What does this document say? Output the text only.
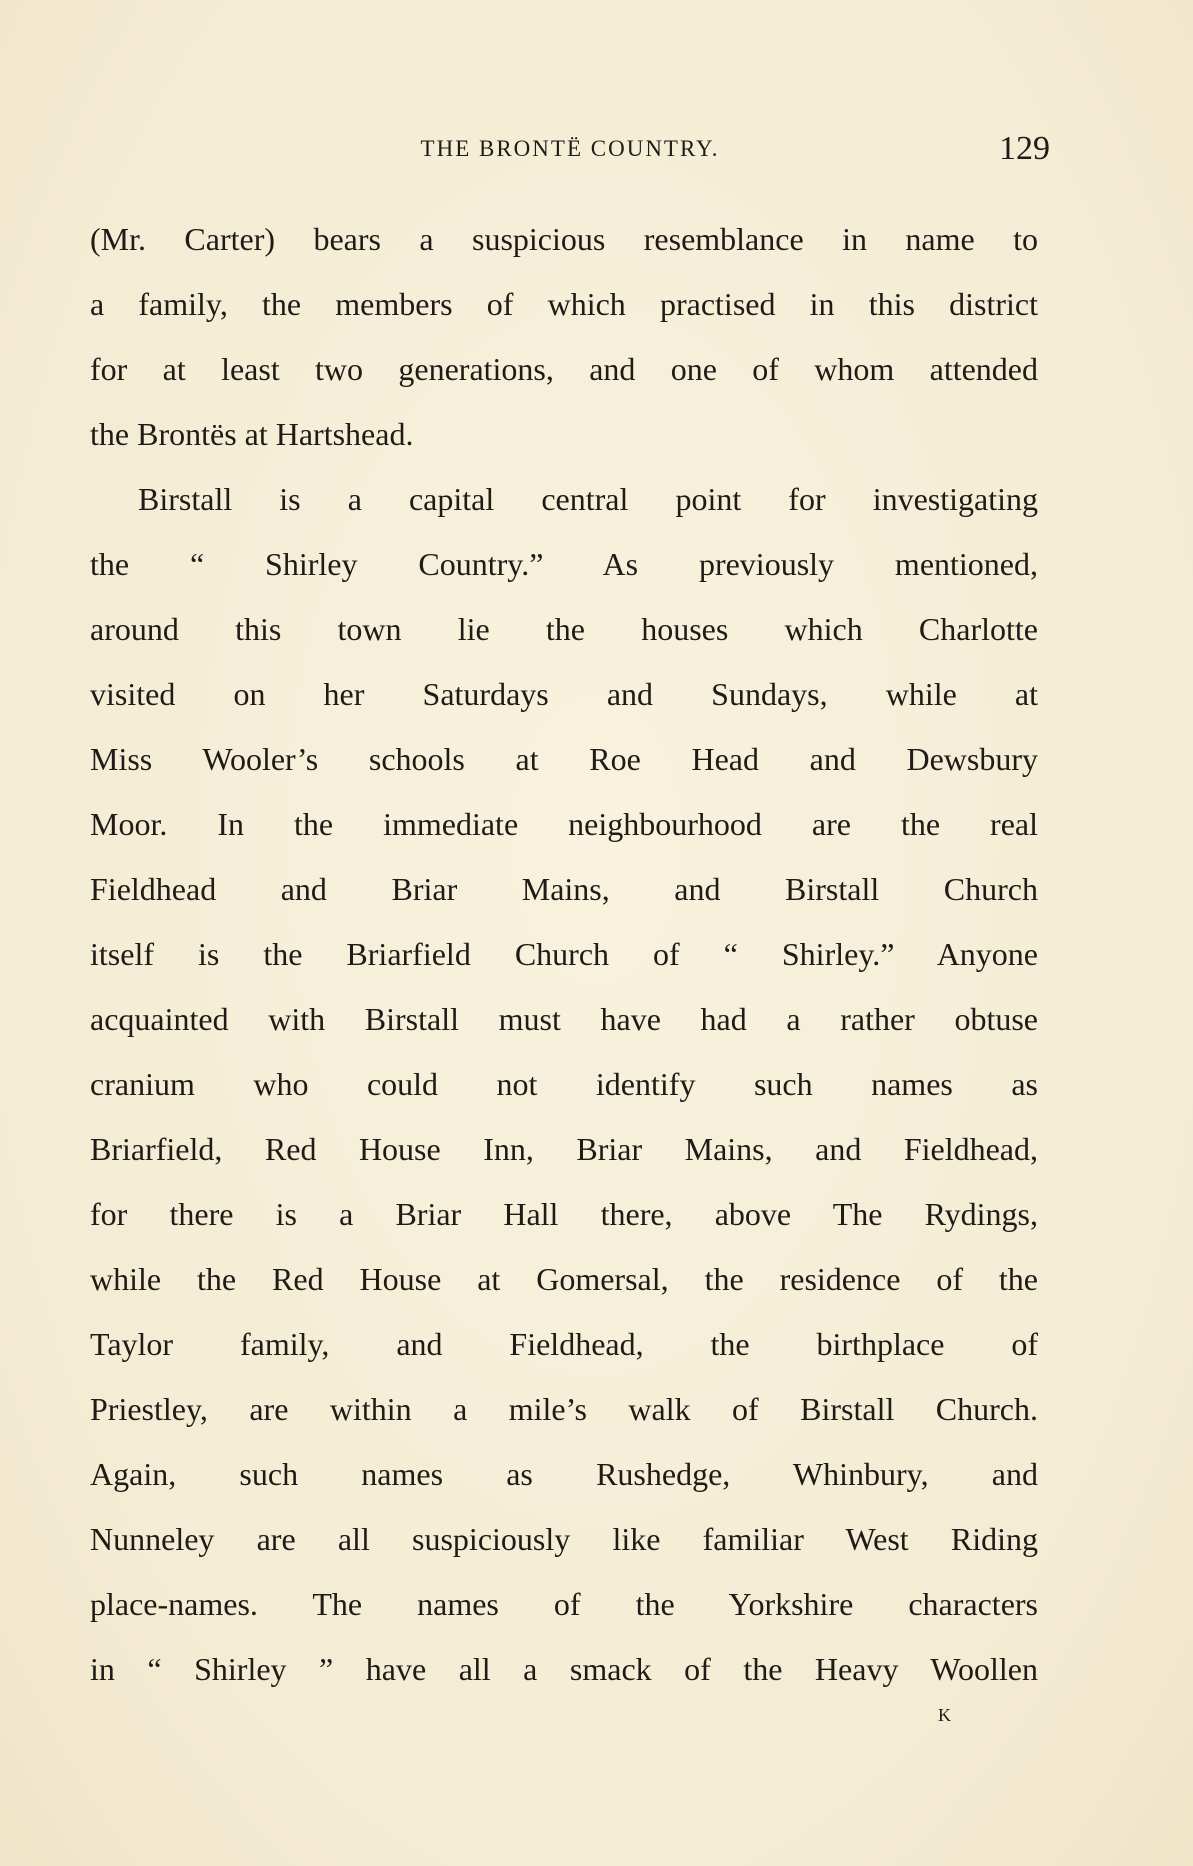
THE BRONTË COUNTRY.	129
(Mr. Carter) bears a suspicious resemblance in name to
a family, the members of which practised in this district
for at least two generations, and one of whom attended
the Brontës at Hartshead.
Birstall is a capital central point for investigating
the “ Shirley Country.” As previously mentioned,
around this town lie the houses which Charlotte
visited on her Saturdays and Sundays, while at
Miss Wooler’s schools at Roe Head and Dewsbury
Moor. In the immediate neighbourhood are the real
Fieldhead and Briar Mains, and Birstall Church
itself is the Briarfield Church of “ Shirley.” Anyone
acquainted with Birstall must have had a rather obtuse
cranium who could not identify such names as
Briarfield, Red House Inn, Briar Mains, and Fieldhead,
for there is a Briar Hall there, above The Rydings,
while the Red House at Gomersal, the residence of the
Taylor family, and Fieldhead, the birthplace of
Priestley, are within a mile’s walk of Birstall Church.
Again, such names as Rushedge, Whinbury, and
Nunneley are all suspiciously like familiar West Riding
place-names. The names of the Yorkshire characters
in “ Shirley ” have all a smack of the Heavy Woollen
K
